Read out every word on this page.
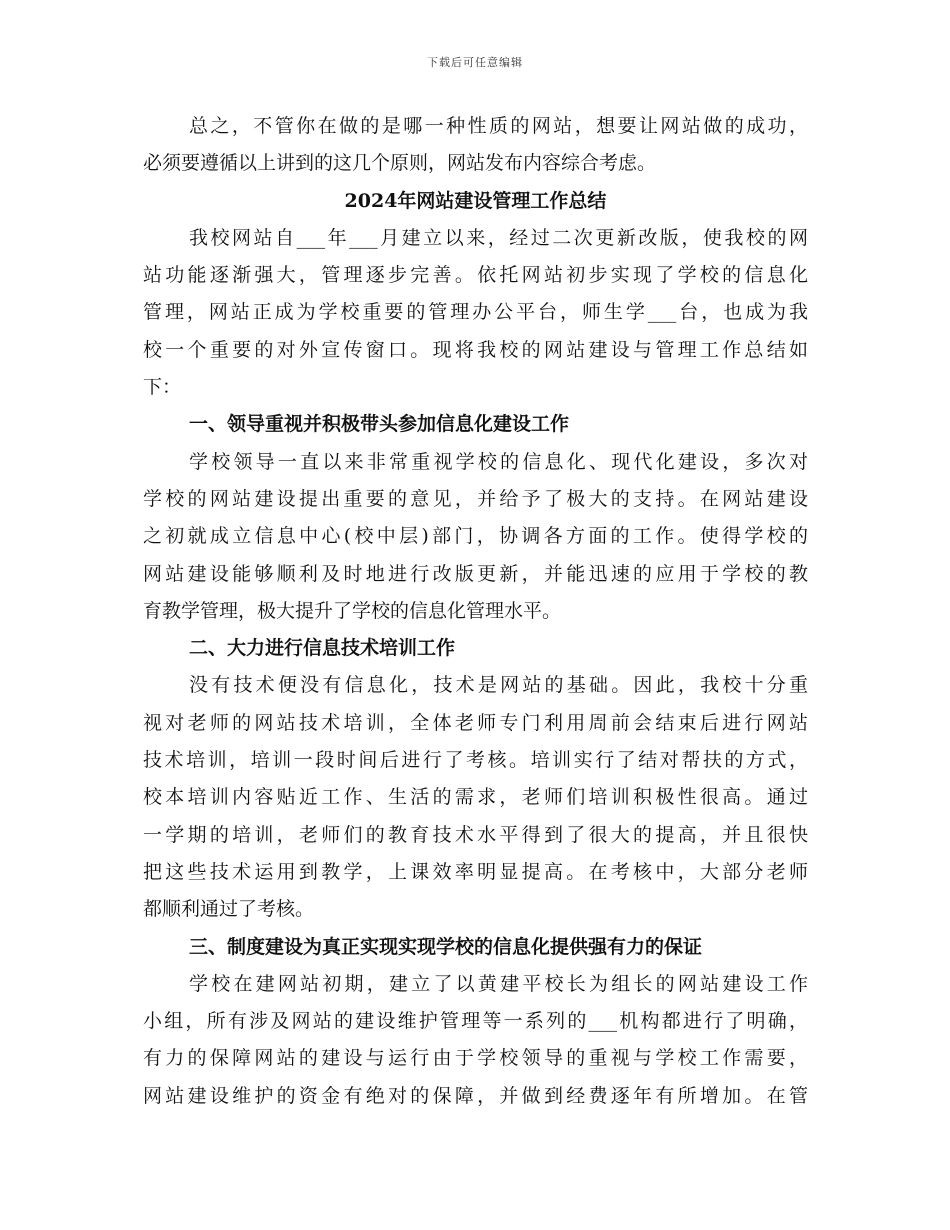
下载后可任意编辑
总之，不管你在做的是哪一种性质的网站，想要让网站做的成功，
必须要遵循以上讲到的这几个原则，网站发布内容综合考虑。
2024年网站建设管理工作总结
我校网站自___年___月建立以来，经过二次更新改版，使我校的网
站功能逐渐强大，管理逐步完善。依托网站初步实现了学校的信息化
管理，网站正成为学校重要的管理办公平台，师生学___台，也成为我
校一个重要的对外宣传窗口。现将我校的网站建设与管理工作总结如
下：
一、领导重视并积极带头参加信息化建设工作
学校领导一直以来非常重视学校的信息化、现代化建设，多次对
学校的网站建设提出重要的意见，并给予了极大的支持。在网站建设
之初就成立信息中心(校中层)部门，协调各方面的工作。使得学校的
网站建设能够顺利及时地进行改版更新，并能迅速的应用于学校的教
育教学管理，极大提升了学校的信息化管理水平。
二、大力进行信息技术培训工作
没有技术便没有信息化，技术是网站的基础。因此，我校十分重
视对老师的网站技术培训，全体老师专门利用周前会结束后进行网站
技术培训，培训一段时间后进行了考核。培训实行了结对帮扶的方式，
校本培训内容贴近工作、生活的需求，老师们培训积极性很高。通过
一学期的培训，老师们的教育技术水平得到了很大的提高，并且很快
把这些技术运用到教学，上课效率明显提高。在考核中，大部分老师
都顺利通过了考核。
三、制度建设为真正实现实现学校的信息化提供强有力的保证
学校在建网站初期，建立了以黄建平校长为组长的网站建设工作
小组，所有涉及网站的建设维护管理等一系列的___机构都进行了明确，
有力的保障网站的建设与运行由于学校领导的重视与学校工作需要，
网站建设维护的资金有绝对的保障，并做到经费逐年有所增加。在管
